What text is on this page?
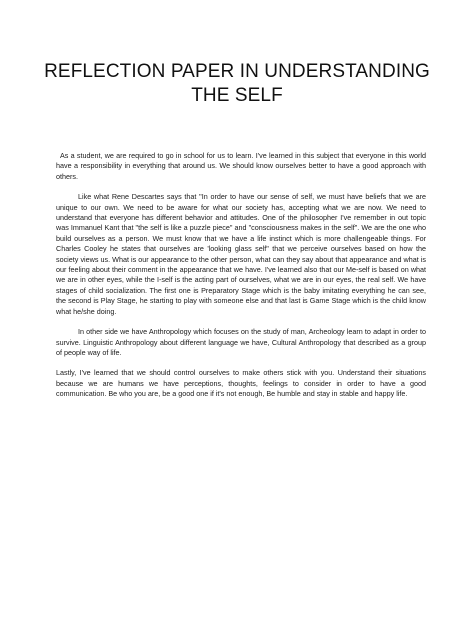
REFLECTION PAPER IN UNDERSTANDING
THE SELF

As a student, we are required to go in school for us to learn. I've learned in this subject that everyone in this world have a responsibility in everything that around us. We should know ourselves better to have a good approach with others.

Like what Rene Descartes says that "In order to have our sense of self, we must have beliefs that we are unique to our own. We need to be aware for what our society has, accepting what we are now. We need to understand that everyone has different behavior and attitudes. One of the philosopher I've remember in out topic was Immanuel Kant that "the self is like a puzzle piece" and "consciousness makes in the self". We are the one who build ourselves as a person. We must know that we have a life instinct which is more challengeable things. For Charles Cooley he states that ourselves are 'looking glass self" that we perceive ourselves based on how the society views us. What is our appearance to the other person, what can they say about that appearance and what is our feeling about their comment in the appearance that we have. I've learned also that our Me-self is based on what we are in other eyes, while the I-self is the acting part of ourselves, what we are in our eyes, the real self. We have stages of child socialization. The first one is Preparatory Stage which is the baby imitating everything he can see, the second is Play Stage, he starting to play with someone else and that last is Game Stage which is the child know what he/she doing.

In other side we have Anthropology which focuses on the study of man, Archeology learn to adapt in order to survive. Linguistic Anthropology about different language we have, Cultural Anthropology that described as a group of people way of life.

Lastly, I've learned that we should control ourselves to make others stick with you. Understand their situations because we are humans we have perceptions, thoughts, feelings to consider in order to have a good communication. Be who you are, be a good one if it's not enough, Be humble and stay in stable and happy life.
